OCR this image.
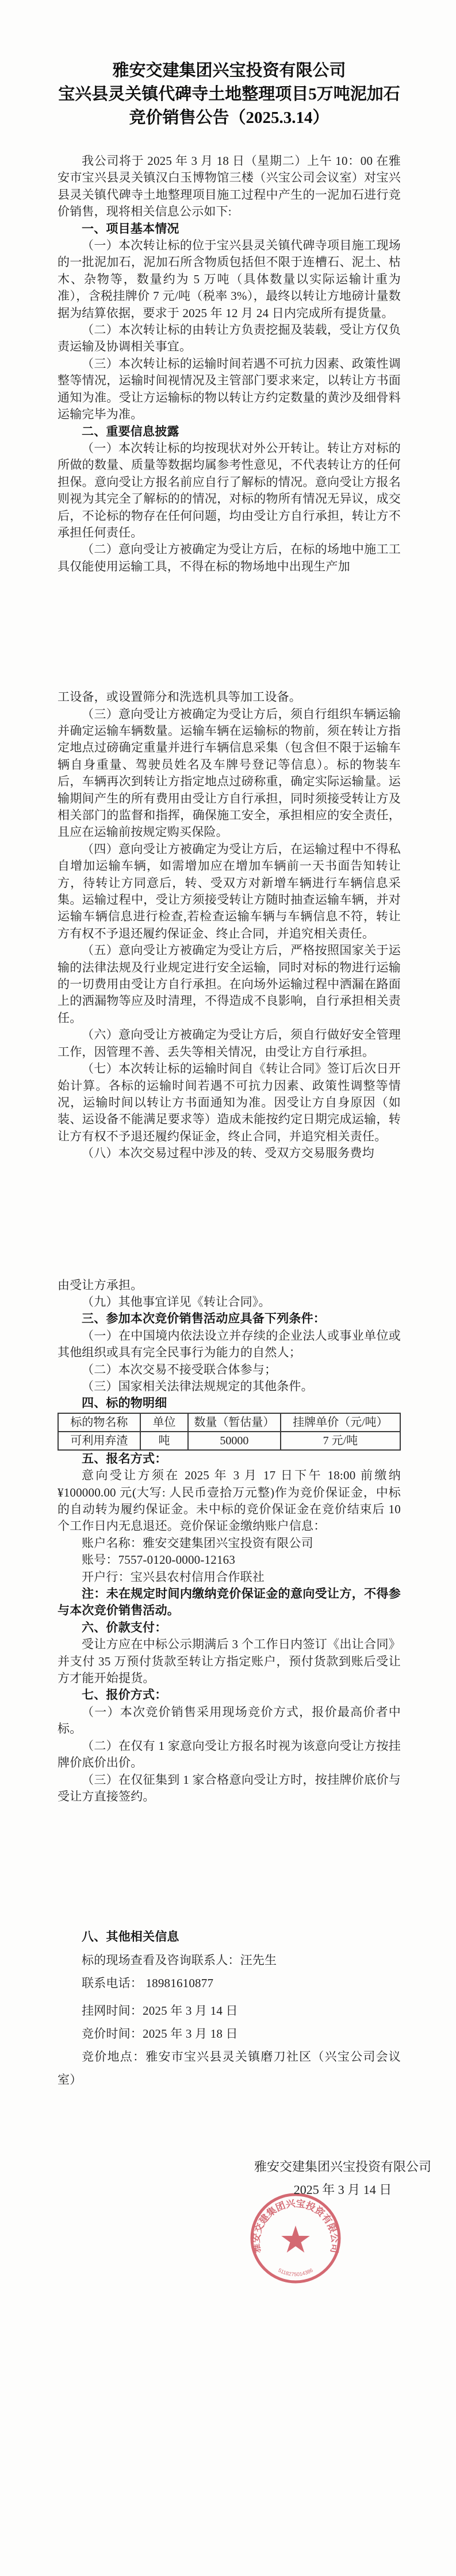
雅安交建集团兴宝投资有限公司
宝兴县灵关镇代碑寺土地整理项目5万吨泥加石
竞价销售公告（2025.3.14）

我公司将于 2025 年 3 月 18 日（星期二）上午 10：00 在雅安市宝兴县灵关镇汉白玉博物馆三楼（兴宝公司会议室）对宝兴县灵关镇代碑寺土地整理项目施工过程中产生的一泥加石进行竞价销售，现将相关信息公示如下:

一、项目基本情况

（一）本次转让标的位于宝兴县灵关镇代碑寺项目施工现场的一批泥加石，泥加石所含物质包括但不限于连槽石、泥土、枯木、杂物等，数量约为 5 万吨（具体数量以实际运输计重为准），含税挂牌价 7 元/吨（税率 3%），最终以转让方地磅计量数据为结算依据，要求于 2025 年 12 月 24 日内完成所有提货量。

（二）本次转让标的由转让方负责挖掘及装载，受让方仅负责运输及协调相关事宜。

（三）本次转让标的运输时间若遇不可抗力因素、政策性调整等情况，运输时间视情况及主管部门要求来定，以转让方书面通知为准。受让方运输标的物以转让方约定数量的黄沙及细骨料运输完毕为准。

二、重要信息披露

（一）本次转让标的均按现状对外公开转让。转让方对标的所做的数量、质量等数据均属参考性意见，不代表转让方的任何担保。意向受让方报名前应自行了解标的情况。意向受让方报名则视为其完全了解标的的情况，对标的物所有情况无异议，成交后，不论标的物存在任何问题，均由受让方自行承担，转让方不承担任何责任。

（二）意向受让方被确定为受让方后，在标的场地中施工工具仅能使用运输工具，不得在标的物场地中出现生产加

工设备，或设置筛分和洗选机具等加工设备。

（三）意向受让方被确定为受让方后，须自行组织车辆运输并确定运输车辆数量。运输车辆在运输标的物前，须在转让方指定地点过磅确定重量并进行车辆信息采集（包含但不限于运输车辆自身重量、驾驶员姓名及车牌号登记等信息）。标的物装车后，车辆再次到转让方指定地点过磅称重，确定实际运输量。运输期间产生的所有费用由受让方自行承担，同时须接受转让方及相关部门的监督和指挥，确保施工安全，承担相应的安全责任，且应在运输前按规定购买保险。

（四）意向受让方被确定为受让方后，在运输过程中不得私自增加运输车辆，如需增加应在增加车辆前一天书面告知转让方，待转让方同意后，转、受双方对新增车辆进行车辆信息采集。运输过程中，受让方须接受转让方随时抽查运输车辆，并对运输车辆信息进行检查,若检查运输车辆与车辆信息不符，转让方有权不予退还履约保证金、终止合同，并追究相关责任。

（五）意向受让方被确定为受让方后，严格按照国家关于运输的法律法规及行业规定进行安全运输，同时对标的物进行运输的一切费用由受让方自行承担。在向场外运输过程中洒漏在路面上的洒漏物等应及时清理，不得造成不良影响，自行承担相关责任。

（六）意向受让方被确定为受让方后，须自行做好安全管理工作，因管理不善、丢失等相关情况，由受让方自行承担。

（七）本次转让标的运输时间自《转让合同》签订后次日开始计算。各标的运输时间若遇不可抗力因素、政策性调整等情况，运输时间以转让方书面通知为准。因受让方自身原因（如装、运设备不能满足要求等）造成未能按约定日期完成运输，转让方有权不予退还履约保证金，终止合同，并追究相关责任。

（八）本次交易过程中涉及的转、受双方交易服务费均

由受让方承担。

（九）其他事宜详见《转让合同》。

三、参加本次竞价销售活动应具备下列条件：

（一）在中国境内依法设立并存续的企业法人或事业单位或其他组织或具有完全民事行为能力的自然人；

（二）本次交易不接受联合体参与；

（三）国家相关法律法规规定的其他条件。

四、标的物明细

标的物名称	单位	数量（暂估量）	挂牌单价（元/吨）
可利用弃渣	吨	50000	7 元/吨

五、报名方式：

意向受让方须在 2025 年 3 月 17 日下午 18:00 前缴纳¥100000.00 元(大写: 人民币壹拾万元整)作为竞价保证金，中标的自动转为履约保证金。未中标的竞价保证金在竞价结束后 10 个工作日内无息退还。竞价保证金缴纳账户信息：

账户名称：雅安交建集团兴宝投资有限公司

账号：7557-0120-0000-12163

开户行：宝兴县农村信用合作联社

注：未在规定时间内缴纳竞价保证金的意向受让方，不得参与本次竞价销售活动。

六、价款支付：

受让方应在中标公示期满后 3 个工作日内签订《出让合同》并支付 35 万预付货款至转让方指定账户，预付货款到账后受让方才能开始提货。

七、报价方式：

（一）本次竞价销售采用现场竞价方式，报价最高价者中标。

（二）在仅有 1 家意向受让方报名时视为该意向受让方按挂牌价底价出价。

（三）在仅征集到 1 家合格意向受让方时，按挂牌价底价与受让方直接签约。

八、其他相关信息

标的现场查看及咨询联系人：汪先生

联系电话： 18981610877

挂网时间：2025 年 3 月 14 日

竞价时间：2025 年 3 月 18 日

竞价地点：雅安市宝兴县灵关镇磨刀社区（兴宝公司会议室）

雅安交建集团兴宝投资有限公司
2025 年 3 月 14 日
雅安交建集团兴宝投资有限公司
5118275014386
